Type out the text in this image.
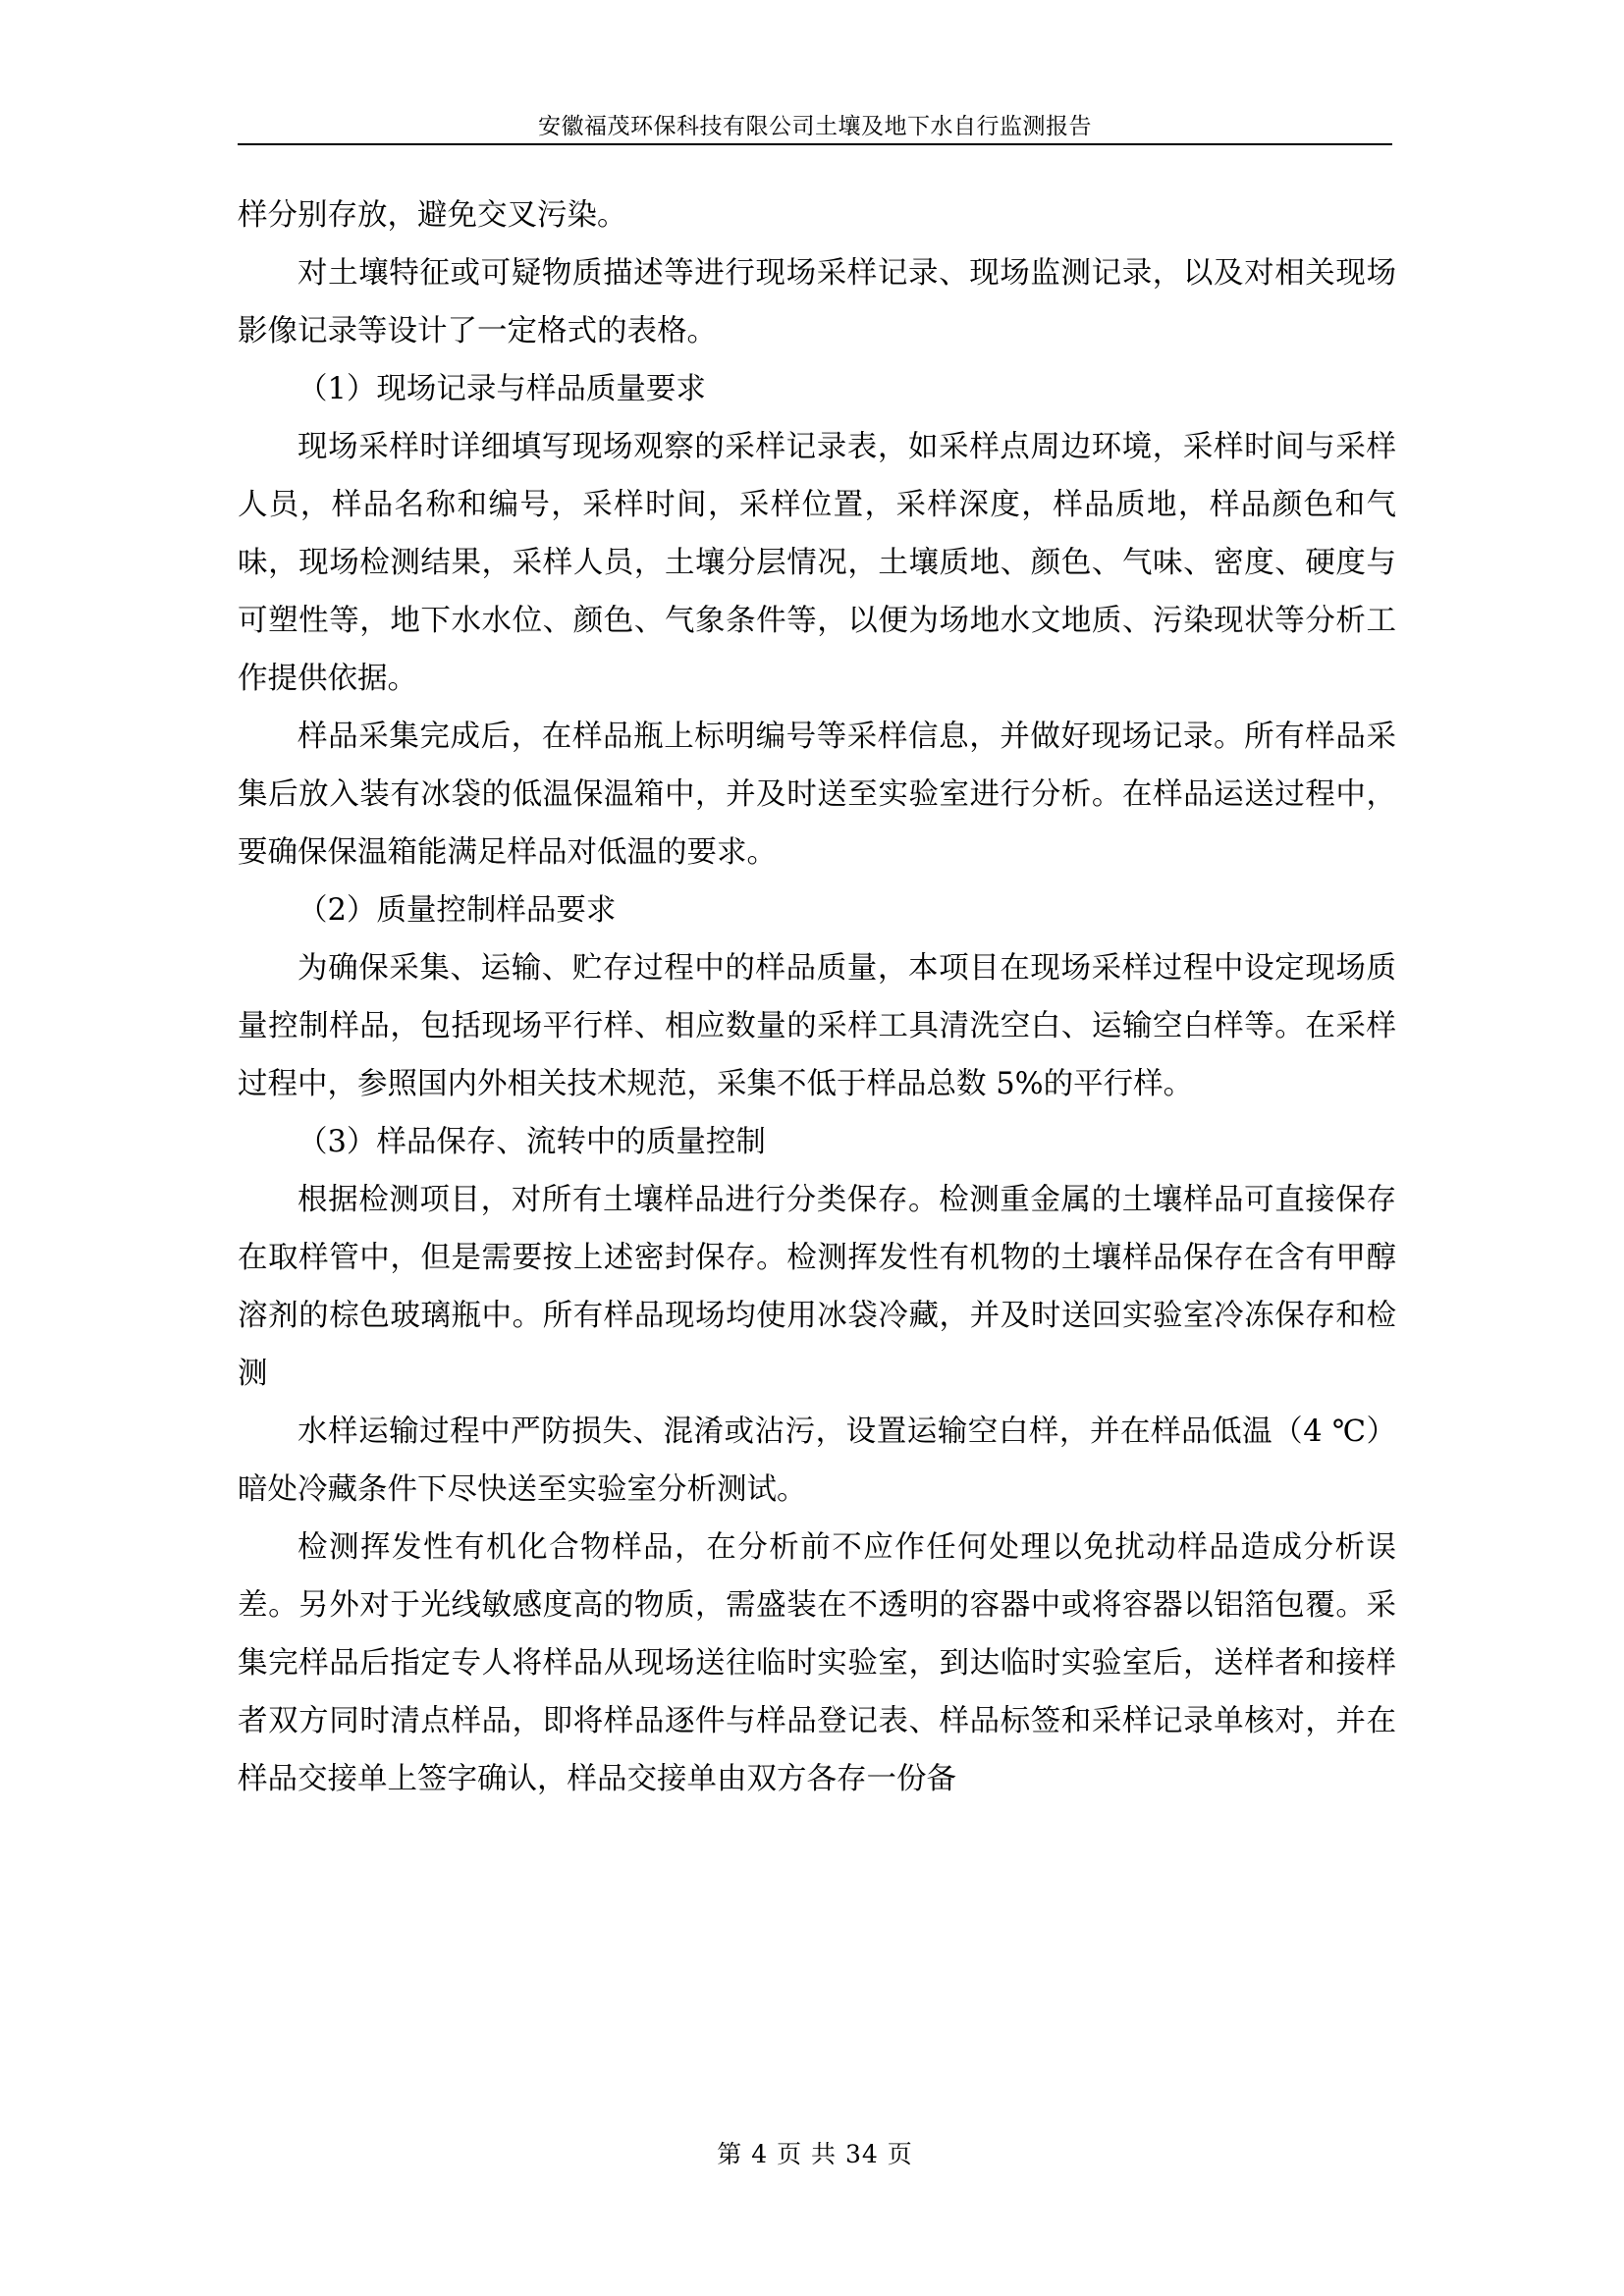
安徽福茂环保科技有限公司土壤及地下水自行监测报告

样分别存放，避免交叉污染。

对土壤特征或可疑物质描述等进行现场采样记录、现场监测记录，以及对相关现场影像记录等设计了一定格式的表格。

（1）现场记录与样品质量要求

现场采样时详细填写现场观察的采样记录表，如采样点周边环境，采样时间与采样人员，样品名称和编号，采样时间，采样位置，采样深度，样品质地，样品颜色和气味，现场检测结果，采样人员，土壤分层情况，土壤质地、颜色、气味、密度、硬度与可塑性等，地下水水位、颜色、气象条件等，以便为场地水文地质、污染现状等分析工作提供依据。

样品采集完成后，在样品瓶上标明编号等采样信息，并做好现场记录。所有样品采集后放入装有冰袋的低温保温箱中，并及时送至实验室进行分析。在样品运送过程中，要确保保温箱能满足样品对低温的要求。

（2）质量控制样品要求

为确保采集、运输、贮存过程中的样品质量，本项目在现场采样过程中设定现场质量控制样品，包括现场平行样、相应数量的采样工具清洗空白、运输空白样等。在采样过程中，参照国内外相关技术规范，采集不低于样品总数 5%的平行样。

（3）样品保存、流转中的质量控制

根据检测项目，对所有土壤样品进行分类保存。检测重金属的土壤样品可直接保存在取样管中，但是需要按上述密封保存。检测挥发性有机物的土壤样品保存在含有甲醇溶剂的棕色玻璃瓶中。所有样品现场均使用冰袋冷藏，并及时送回实验室冷冻保存和检测

水样运输过程中严防损失、混淆或沾污，设置运输空白样，并在样品低温（4 ℃）暗处冷藏条件下尽快送至实验室分析测试。

检测挥发性有机化合物样品，在分析前不应作任何处理以免扰动样品造成分析误差。另外对于光线敏感度高的物质，需盛装在不透明的容器中或将容器以铝箔包覆。采集完样品后指定专人将样品从现场送往临时实验室，到达临时实验室后，送样者和接样者双方同时清点样品，即将样品逐件与样品登记表、样品标签和采样记录单核对，并在样品交接单上签字确认，样品交接单由双方各存一份备

第 4 页 共 34 页
